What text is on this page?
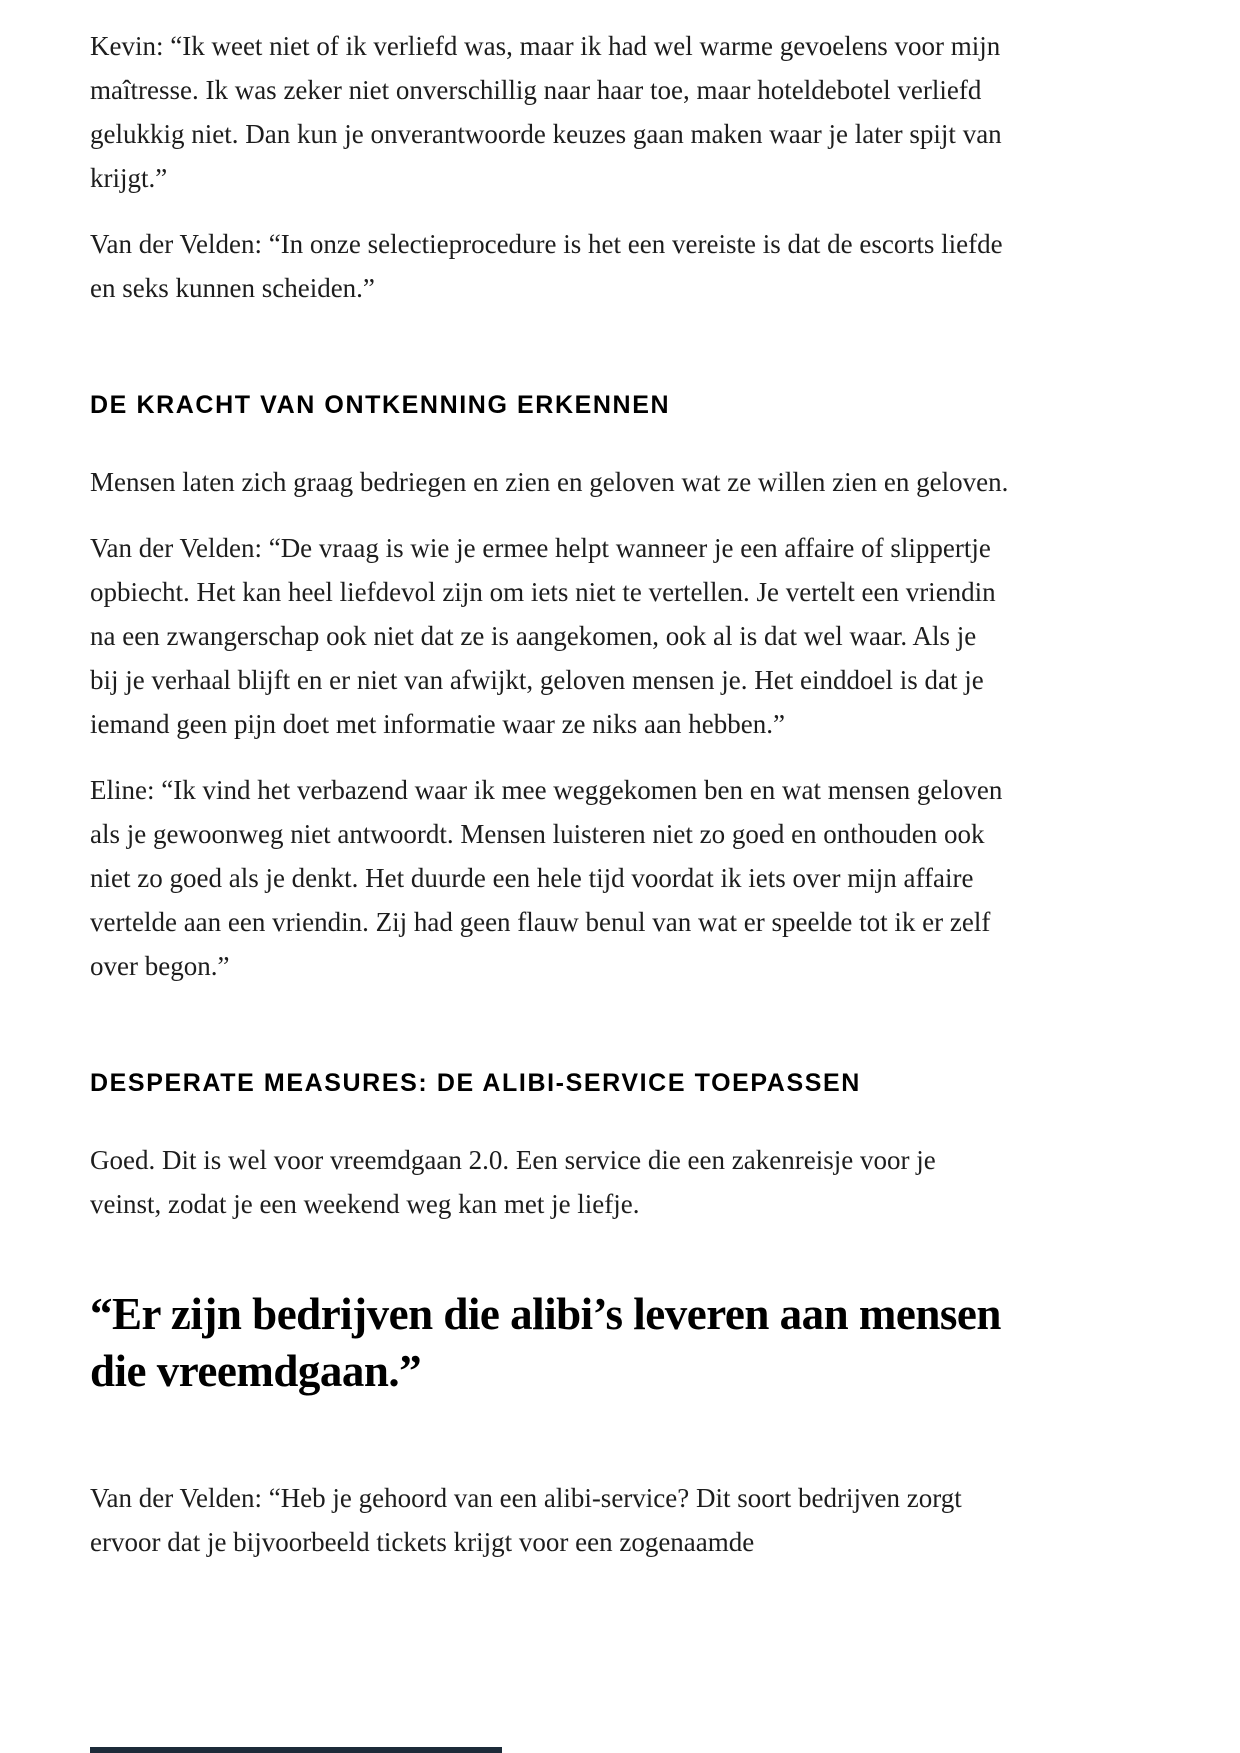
Kevin: “Ik weet niet of ik verliefd was, maar ik had wel warme gevoelens voor mijn maîtresse. Ik was zeker niet onverschillig naar haar toe, maar hoteldebotel verliefd gelukkig niet. Dan kun je onverantwoorde keuzes gaan maken waar je later spijt van krijgt.”

Van der Velden: “In onze selectieprocedure is het een vereiste is dat de escorts liefde en seks kunnen scheiden.”

DE KRACHT VAN ONTKENNING ERKENNEN

Mensen laten zich graag bedriegen en zien en geloven wat ze willen zien en geloven.

Van der Velden: “De vraag is wie je ermee helpt wanneer je een affaire of slippertje opbiecht. Het kan heel liefdevol zijn om iets niet te vertellen. Je vertelt een vriendin na een zwangerschap ook niet dat ze is aangekomen, ook al is dat wel waar. Als je bij je verhaal blijft en er niet van afwijkt, geloven mensen je. Het einddoel is dat je iemand geen pijn doet met informatie waar ze niks aan hebben.”

Eline: “Ik vind het verbazend waar ik mee weggekomen ben en wat mensen geloven als je gewoonweg niet antwoordt. Mensen luisteren niet zo goed en onthouden ook niet zo goed als je denkt. Het duurde een hele tijd voordat ik iets over mijn affaire vertelde aan een vriendin. Zij had geen flauw benul van wat er speelde tot ik er zelf over begon.”

DESPERATE MEASURES: DE ALIBI-SERVICE TOEPASSEN

Goed. Dit is wel voor vreemdgaan 2.0. Een service die een zakenreisje voor je veinst, zodat je een weekend weg kan met je liefje.

“Er zijn bedrijven die alibi’s leveren aan mensen die vreemdgaan.”

Van der Velden: “Heb je gehoord van een alibi-service? Dit soort bedrijven zorgt ervoor dat je bijvoorbeeld tickets krijgt voor een zogenaamde
